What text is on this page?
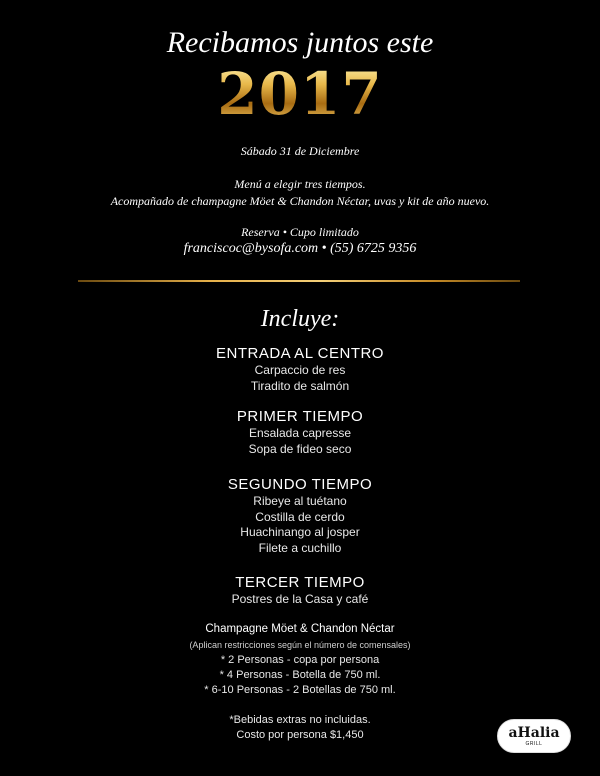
Recibamos juntos este
2017
Sábado 31 de Diciembre
Menú a elegir tres tiempos.
Acompañado de champagne Möet & Chandon Néctar, uvas y kit de año nuevo.
Reserva • Cupo limitado
franciscoc@bysofa.com • (55) 6725 9356
Incluye:
ENTRADA AL CENTRO
Carpaccio de res
Tiradito de salmón
PRIMER TIEMPO
Ensalada capresse
Sopa de fideo seco
SEGUNDO TIEMPO
Ribeye al tuétano
Costilla de cerdo
Huachinango al josper
Filete a cuchillo
TERCER TIEMPO
Postres de la Casa y café
Champagne Möet & Chandon Néctar
(Aplican restricciones según el número de comensales)
* 2 Personas - copa por persona
* 4 Personas - Botella de 750 ml.
* 6-10 Personas - 2 Botellas de 750 ml.
*Bebidas extras no incluidas.
Costo por persona $1,450	aHalia
GRILL
